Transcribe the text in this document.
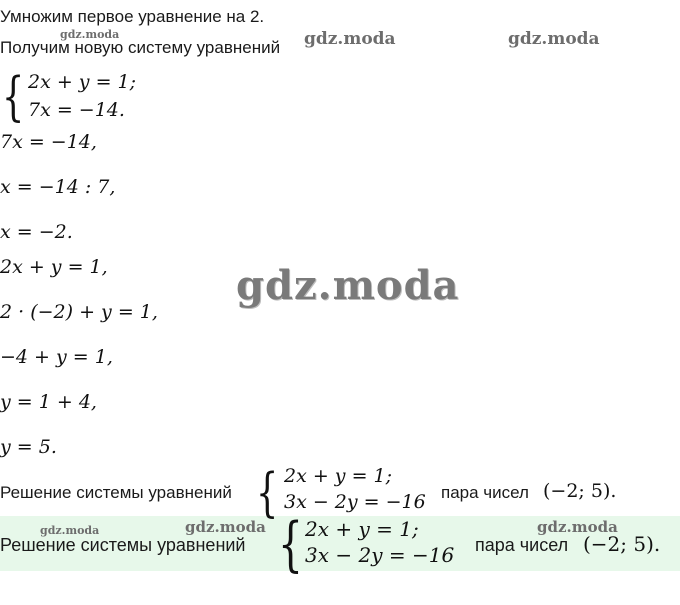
Умножим первое уравнение на 2.
Получим новую систему уравнений
gdz.moda	gdz.moda	gdz.moda
{ 2x + y = 1;
7x = −14.
7x = −14,
x = −14 : 7,
x = −2.
2x + y = 1,
2 · (−2) + y = 1,
−4 + y = 1,
y = 1 + 4,
y = 5.
gdz.moda
Решение системы уравнений { 2x + y = 1;
3x − 2y = −16 пара чисел (−2; 5).
Решение системы уравнений { 2x + y = 1;
3x − 2y = −16 пара чисел (−2; 5).
gdz.moda	gdz.moda	gdz.moda
